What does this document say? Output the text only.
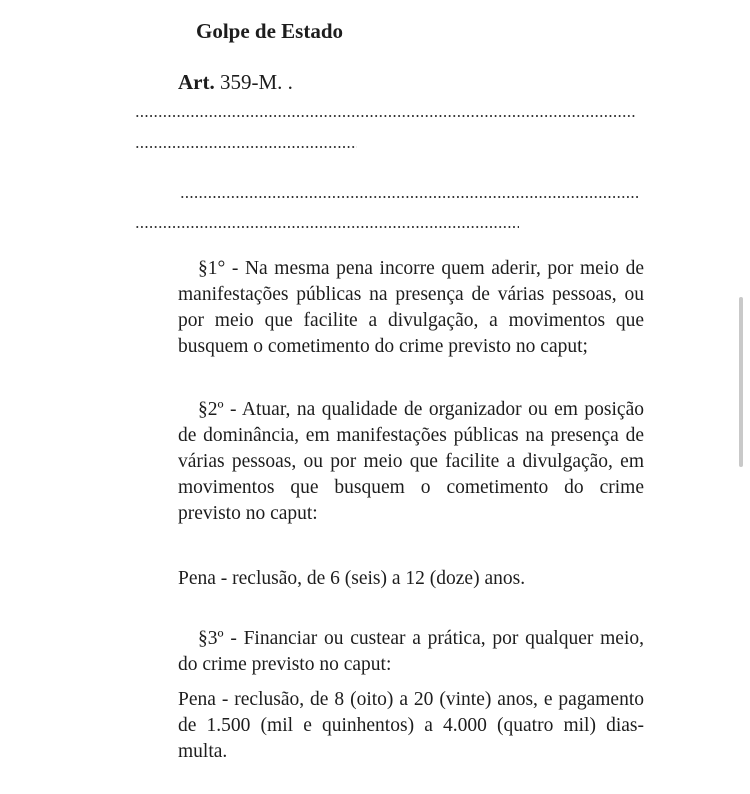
Golpe de Estado
Art. 359-M. .

§1° - Na mesma pena incorre quem aderir, por meio de manifestações públicas na presença de várias pessoas, ou por meio que facilite a divulgação, a movimentos que busquem o cometimento do crime previsto no caput;

§2º - Atuar, na qualidade de organizador ou em posição de dominância, em manifestações públicas na presença de várias pessoas, ou por meio que facilite a divulgação, em movimentos que busquem o cometimento do crime previsto no caput:

Pena - reclusão, de 6 (seis) a 12 (doze) anos.

§3º - Financiar ou custear a prática, por qualquer meio, do crime previsto no caput:

Pena - reclusão, de 8 (oito) a 20 (vinte) anos, e pagamento de 1.500 (mil e quinhentos) a 4.000 (quatro mil) dias-multa.
